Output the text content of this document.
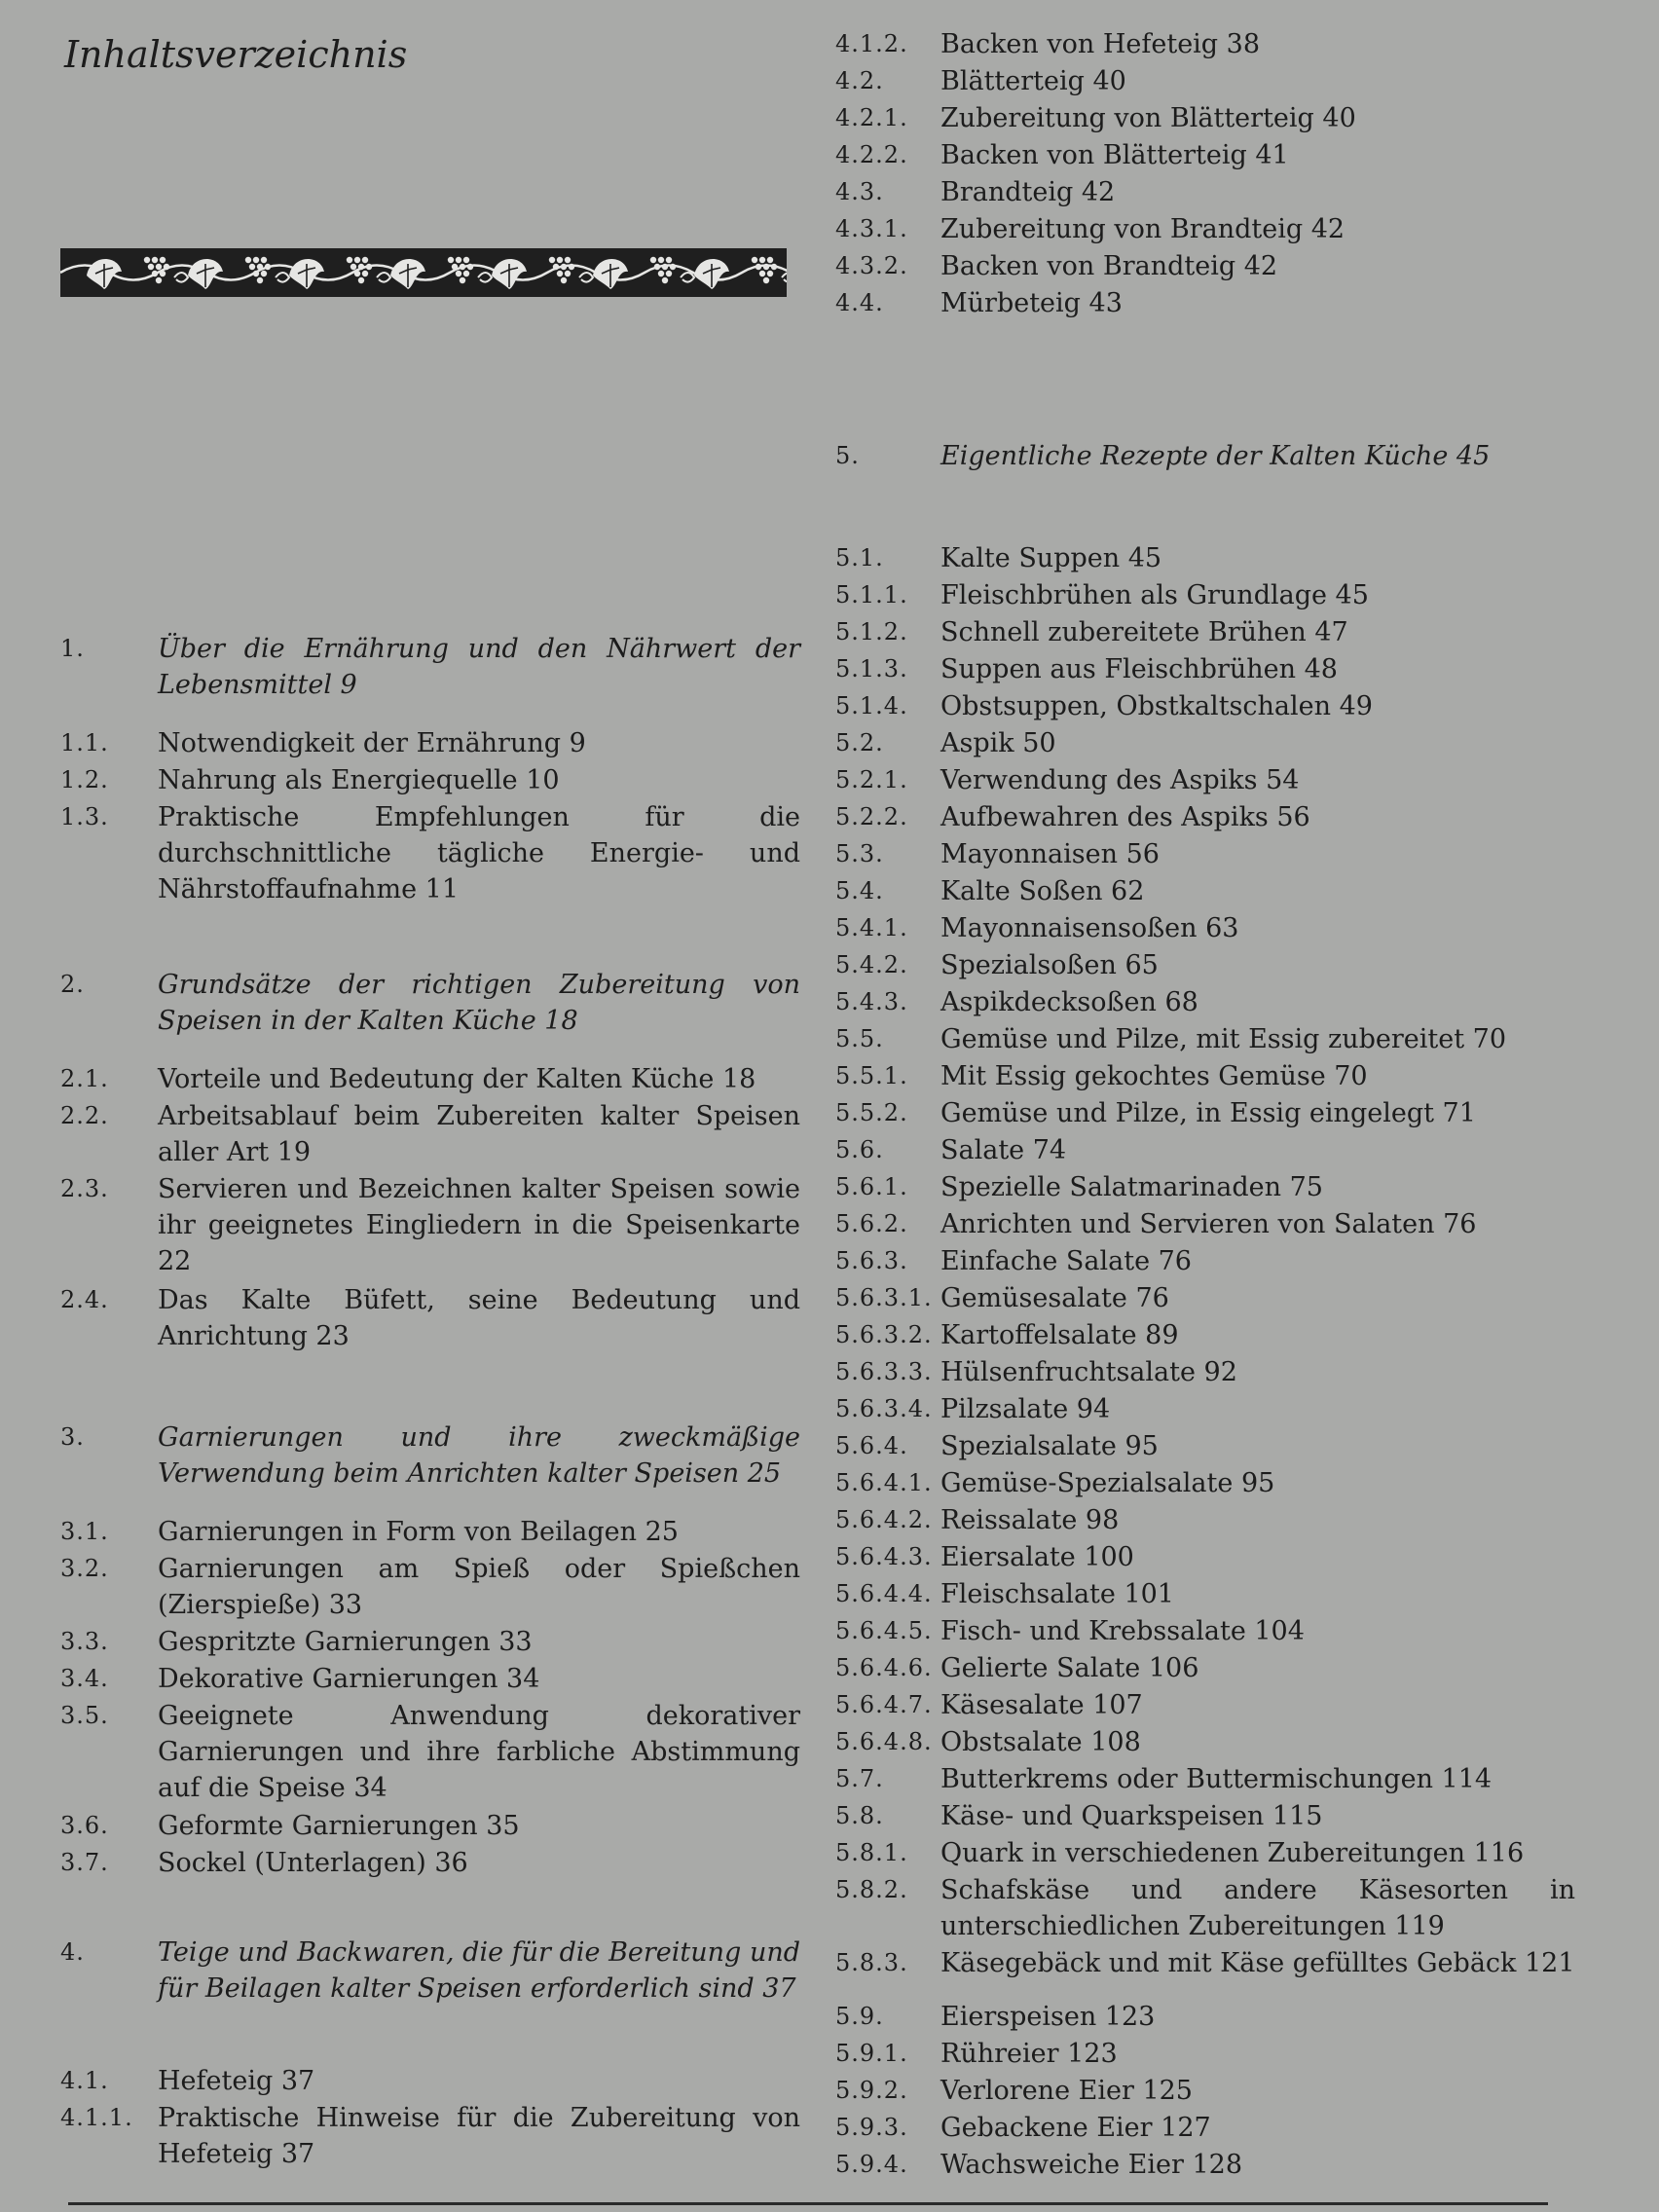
Inhaltsverzeichnis
1.	Über die Ernährung und den Nährwert der Lebensmittel 9
1.1. Notwendigkeit der Ernährung 9
1.2. Nahrung als Energiequelle 10
1.3. Praktische Empfehlungen für die durchschnittliche tägliche Energie- und Nährstoffaufnahme 11
2.	Grundsätze der richtigen Zubereitung von Speisen in der Kalten Küche 18
2.1. Vorteile und Bedeutung der Kalten Küche 18
2.2. Arbeitsablauf beim Zubereiten kalter Speisen aller Art 19
2.3. Servieren und Bezeichnen kalter Speisen sowie ihr geeignetes Eingliedern in die Speisenkarte 22
2.4. Das Kalte Büfett, seine Bedeutung und Anrichtung 23
3.	Garnierungen und ihre zweckmäßige Verwendung beim Anrichten kalter Speisen 25
3.1. Garnierungen in Form von Beilagen 25
3.2. Garnierungen am Spieß oder Spießchen (Zierspieße) 33
3.3. Gespritzte Garnierungen 33
3.4. Dekorative Garnierungen 34
3.5. Geeignete Anwendung dekorativer Garnierungen und ihre farbliche Abstimmung auf die Speise 34
3.6. Geformte Garnierungen 35
3.7. Sockel (Unterlagen) 36
4.	Teige und Backwaren, die für die Bereitung und für Beilagen kalter Speisen erforderlich sind 37
4.1. Hefeteig 37
4.1.1. Praktische Hinweise für die Zubereitung von Hefeteig 37
4.1.2. Backen von Hefeteig 38
4.2. Blätterteig 40
4.2.1. Zubereitung von Blätterteig 40
4.2.2. Backen von Blätterteig 41
4.3. Brandteig 42
4.3.1. Zubereitung von Brandteig 42
4.3.2. Backen von Brandteig 42
4.4. Mürbeteig 43
5.	Eigentliche Rezepte der Kalten Küche 45
5.1. Kalte Suppen 45
5.1.1. Fleischbrühen als Grundlage 45
5.1.2. Schnell zubereitete Brühen 47
5.1.3. Suppen aus Fleischbrühen 48
5.1.4. Obstsuppen, Obstkaltschalen 49
5.2. Aspik 50
5.2.1. Verwendung des Aspiks 54
5.2.2. Aufbewahren des Aspiks 56
5.3. Mayonnaisen 56
5.4. Kalte Soßen 62
5.4.1. Mayonnaisensoßen 63
5.4.2. Spezialsoßen 65
5.4.3. Aspikdecksoßen 68
5.5. Gemüse und Pilze, mit Essig zubereitet 70
5.5.1. Mit Essig gekochtes Gemüse 70
5.5.2. Gemüse und Pilze, in Essig eingelegt 71
5.6. Salate 74
5.6.1. Spezielle Salatmarinaden 75
5.6.2. Anrichten und Servieren von Salaten 76
5.6.3. Einfache Salate 76
5.6.3.1. Gemüsesalate 76
5.6.3.2. Kartoffelsalate 89
5.6.3.3. Hülsenfruchtsalate 92
5.6.3.4. Pilzsalate 94
5.6.4. Spezialsalate 95
5.6.4.1. Gemüse-Spezialsalate 95
5.6.4.2. Reissalate 98
5.6.4.3. Eiersalate 100
5.6.4.4. Fleischsalate 101
5.6.4.5. Fisch- und Krebssalate 104
5.6.4.6. Gelierte Salate 106
5.6.4.7. Käsesalate 107
5.6.4.8. Obstsalate 108
5.7. Butterkrems oder Buttermischungen 114
5.8. Käse- und Quarkspeisen 115
5.8.1. Quark in verschiedenen Zubereitungen 116
5.8.2. Schafskäse und andere Käsesorten in unterschiedlichen Zubereitungen 119
5.8.3. Käsegebäck und mit Käse gefülltes Gebäck 121
5.9. Eierspeisen 123
5.9.1. Rühreier 123
5.9.2. Verlorene Eier 125
5.9.3. Gebackene Eier 127
5.9.4. Wachsweiche Eier 128
